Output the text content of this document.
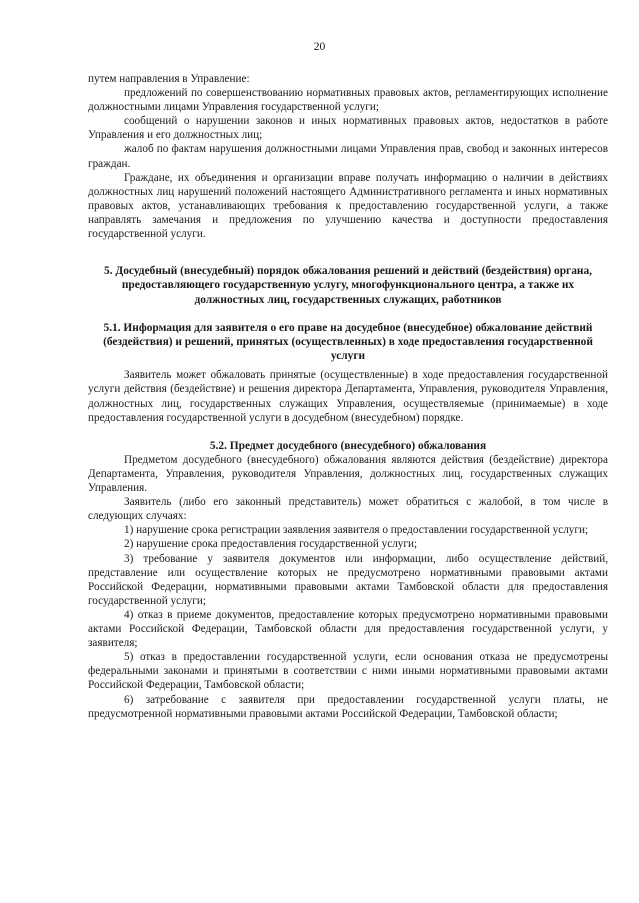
20

путем направления в Управление:

предложений по совершенствованию нормативных правовых актов, регламентирующих исполнение должностными лицами Управления государственной услуги;

сообщений о нарушении законов и иных нормативных правовых актов, недостатков в работе Управления и его должностных лиц;

жалоб по фактам нарушения должностными лицами Управления прав, свобод и законных интересов граждан.

Граждане, их объединения и организации вправе получать информацию о наличии в действиях должностных лиц нарушений положений настоящего Административного регламента и иных нормативных правовых актов, устанавливающих требования к предоставлению государственной услуги, а также направлять замечания и предложения по улучшению качества и доступности предоставления государственной услуги.

5. Досудебный (внесудебный) порядок обжалования решений и действий (бездействия) органа, предоставляющего государственную услугу, многофункционального центра, а также их должностных лиц, государственных служащих, работников
5.1. Информация для заявителя о его праве на досудебное (внесудебное) обжалование действий (бездействия) и решений, принятых (осуществленных) в ходе предоставления государственной услуги

Заявитель может обжаловать принятые (осуществленные) в ходе предоставления государственной услуги действия (бездействие) и решения директора Департамента, Управления, руководителя Управления, должностных лиц, государственных служащих Управления, осуществляемые (принимаемые) в ходе предоставления государственной услуги в досудебном (внесудебном) порядке.

5.2. Предмет досудебного (внесудебного) обжалования

Предметом досудебного (внесудебного) обжалования являются действия (бездействие) директора Департамента, Управления, руководителя Управления, должностных лиц, государственных служащих Управления.

Заявитель (либо его законный представитель) может обратиться с жалобой, в том числе в следующих случаях:

1) нарушение срока регистрации заявления заявителя о предоставлении государственной услуги;

2) нарушение срока предоставления государственной услуги;

3) требование у заявителя документов или информации, либо осуществление действий, представление или осуществление которых не предусмотрено нормативными правовыми актами Российской Федерации, нормативными правовыми актами Тамбовской области для предоставления государственной услуги;

4) отказ в приеме документов, предоставление которых предусмотрено нормативными правовыми актами Российской Федерации, Тамбовской области для предоставления государственной услуги, у заявителя;

5) отказ в предоставлении государственной услуги, если основания отказа не предусмотрены федеральными законами и принятыми в соответствии с ними иными нормативными правовыми актами Российской Федерации, Тамбовской области;

6) затребование с заявителя при предоставлении государственной услуги платы, не предусмотренной нормативными правовыми актами Российской Федерации, Тамбовской области;
